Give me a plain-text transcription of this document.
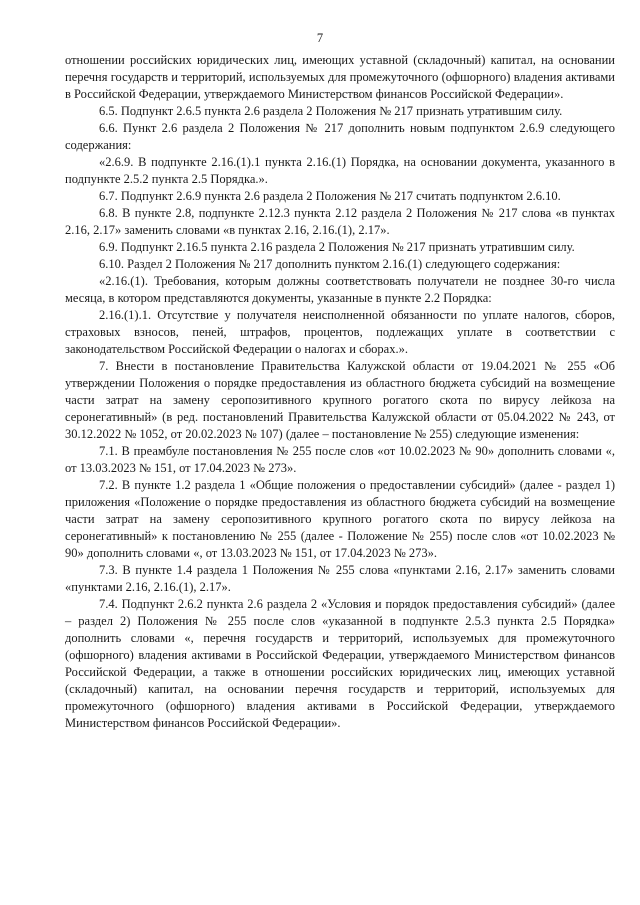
7

отношении российских юридических лиц, имеющих уставной (складочный) капитал, на основании перечня государств и территорий, используемых для промежуточного (офшорного) владения активами в Российской Федерации, утверждаемого Министерством финансов Российской Федерации».

6.5. Подпункт 2.6.5 пункта 2.6 раздела 2 Положения № 217 признать утратившим силу.

6.6. Пункт 2.6 раздела 2 Положения № 217 дополнить новым подпунктом 2.6.9 следующего содержания:

«2.6.9. В подпункте 2.16.(1).1 пункта 2.16.(1) Порядка, на основании документа, указанного в подпункте 2.5.2 пункта 2.5 Порядка.».

6.7. Подпункт 2.6.9 пункта 2.6 раздела 2 Положения № 217 считать подпунктом 2.6.10.

6.8. В пункте 2.8, подпункте 2.12.3 пункта 2.12 раздела 2 Положения № 217 слова «в пунктах 2.16, 2.17» заменить словами «в пунктах 2.16, 2.16.(1), 2.17».

6.9. Подпункт 2.16.5 пункта 2.16 раздела 2 Положения № 217 признать утратившим силу.

6.10. Раздел 2 Положения № 217 дополнить пунктом 2.16.(1) следующего содержания:

«2.16.(1). Требования, которым должны соответствовать получатели не позднее 30-го числа месяца, в котором представляются документы, указанные в пункте 2.2 Порядка:

2.16.(1).1. Отсутствие у получателя неисполненной обязанности по уплате налогов, сборов, страховых взносов, пеней, штрафов, процентов, подлежащих уплате в соответствии с законодательством Российской Федерации о налогах и сборах.».

7. Внести в постановление Правительства Калужской области от 19.04.2021 № 255 «Об утверждении Положения о порядке предоставления из областного бюджета субсидий на возмещение части затрат на замену серопозитивного крупного рогатого скота по вирусу лейкоза на серонегативный» (в ред. постановлений Правительства Калужской области от 05.04.2022 № 243, от 30.12.2022 № 1052, от 20.02.2023 № 107) (далее – постановление № 255) следующие изменения:

7.1. В преамбуле постановления № 255 после слов «от 10.02.2023 № 90» дополнить словами «, от 13.03.2023 № 151, от 17.04.2023 № 273».

7.2. В пункте 1.2 раздела 1 «Общие положения о предоставлении субсидий» (далее - раздел 1) приложения «Положение о порядке предоставления из областного бюджета субсидий на возмещение части затрат на замену серопозитивного крупного рогатого скота по вирусу лейкоза на серонегативный» к постановлению № 255 (далее - Положение № 255) после слов «от 10.02.2023 № 90» дополнить словами «, от 13.03.2023 № 151, от 17.04.2023 № 273».

7.3. В пункте 1.4 раздела 1 Положения № 255 слова «пунктами 2.16, 2.17» заменить словами «пунктами 2.16, 2.16.(1), 2.17».

7.4. Подпункт 2.6.2 пункта 2.6 раздела 2 «Условия и порядок предоставления субсидий» (далее – раздел 2) Положения № 255 после слов «указанной в подпункте 2.5.3 пункта 2.5 Порядка» дополнить словами «, перечня государств и территорий, используемых для промежуточного (офшорного) владения активами в Российской Федерации, утверждаемого Министерством финансов Российской Федерации, а также в отношении российских юридических лиц, имеющих уставной (складочный) капитал, на основании перечня государств и территорий, используемых для промежуточного (офшорного) владения активами в Российской Федерации, утверждаемого Министерством финансов Российской Федерации».
